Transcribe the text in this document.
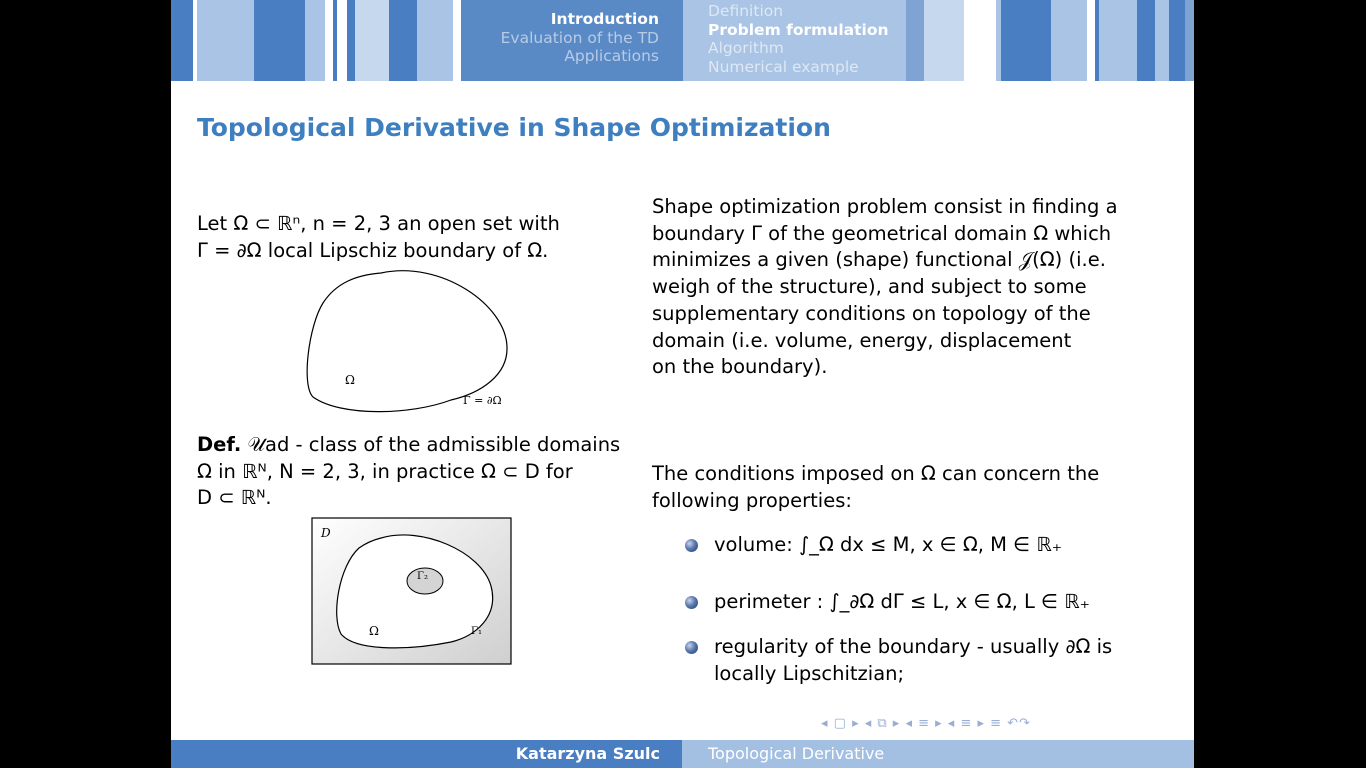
Introduction
Evaluation of the TD
Applications
Definition
Problem formulation
Algorithm
Numerical example
Topological Derivative in Shape Optimization
Let Ω ⊂ ℝⁿ, n = 2, 3 an open set with
Γ = ∂Ω local Lipschiz boundary of Ω.
Ω
Γ = ∂Ω
Def. 𝒰ad - class of the admissible domains
Ω in ℝᴺ, N = 2, 3, in practice Ω ⊂ D for
D ⊂ ℝᴺ.
D
Γ₂
Ω	Γ₁
Shape optimization problem consist in finding a
boundary Γ of the geometrical domain Ω which
minimizes a given (shape) functional 𝒥(Ω) (i.e.
weigh of the structure), and subject to some
supplementary conditions on topology of the
domain (i.e. volume, energy, displacement
on the boundary).
The conditions imposed on Ω can concern the
following properties:
volume: ∫_Ω dx ≤ M, x ∈ Ω, M ∈ ℝ₊
perimeter : ∫_∂Ω dΓ ≤ L, x ∈ Ω, L ∈ ℝ₊
regularity of the boundary - usually ∂Ω is
locally Lipschitzian;
◂ ▢ ▸ ◂ ⧉ ▸ ◂ ≡ ▸ ◂ ≡ ▸ ≡ ↶↷
Katarzyna Szulc	Topological Derivative
